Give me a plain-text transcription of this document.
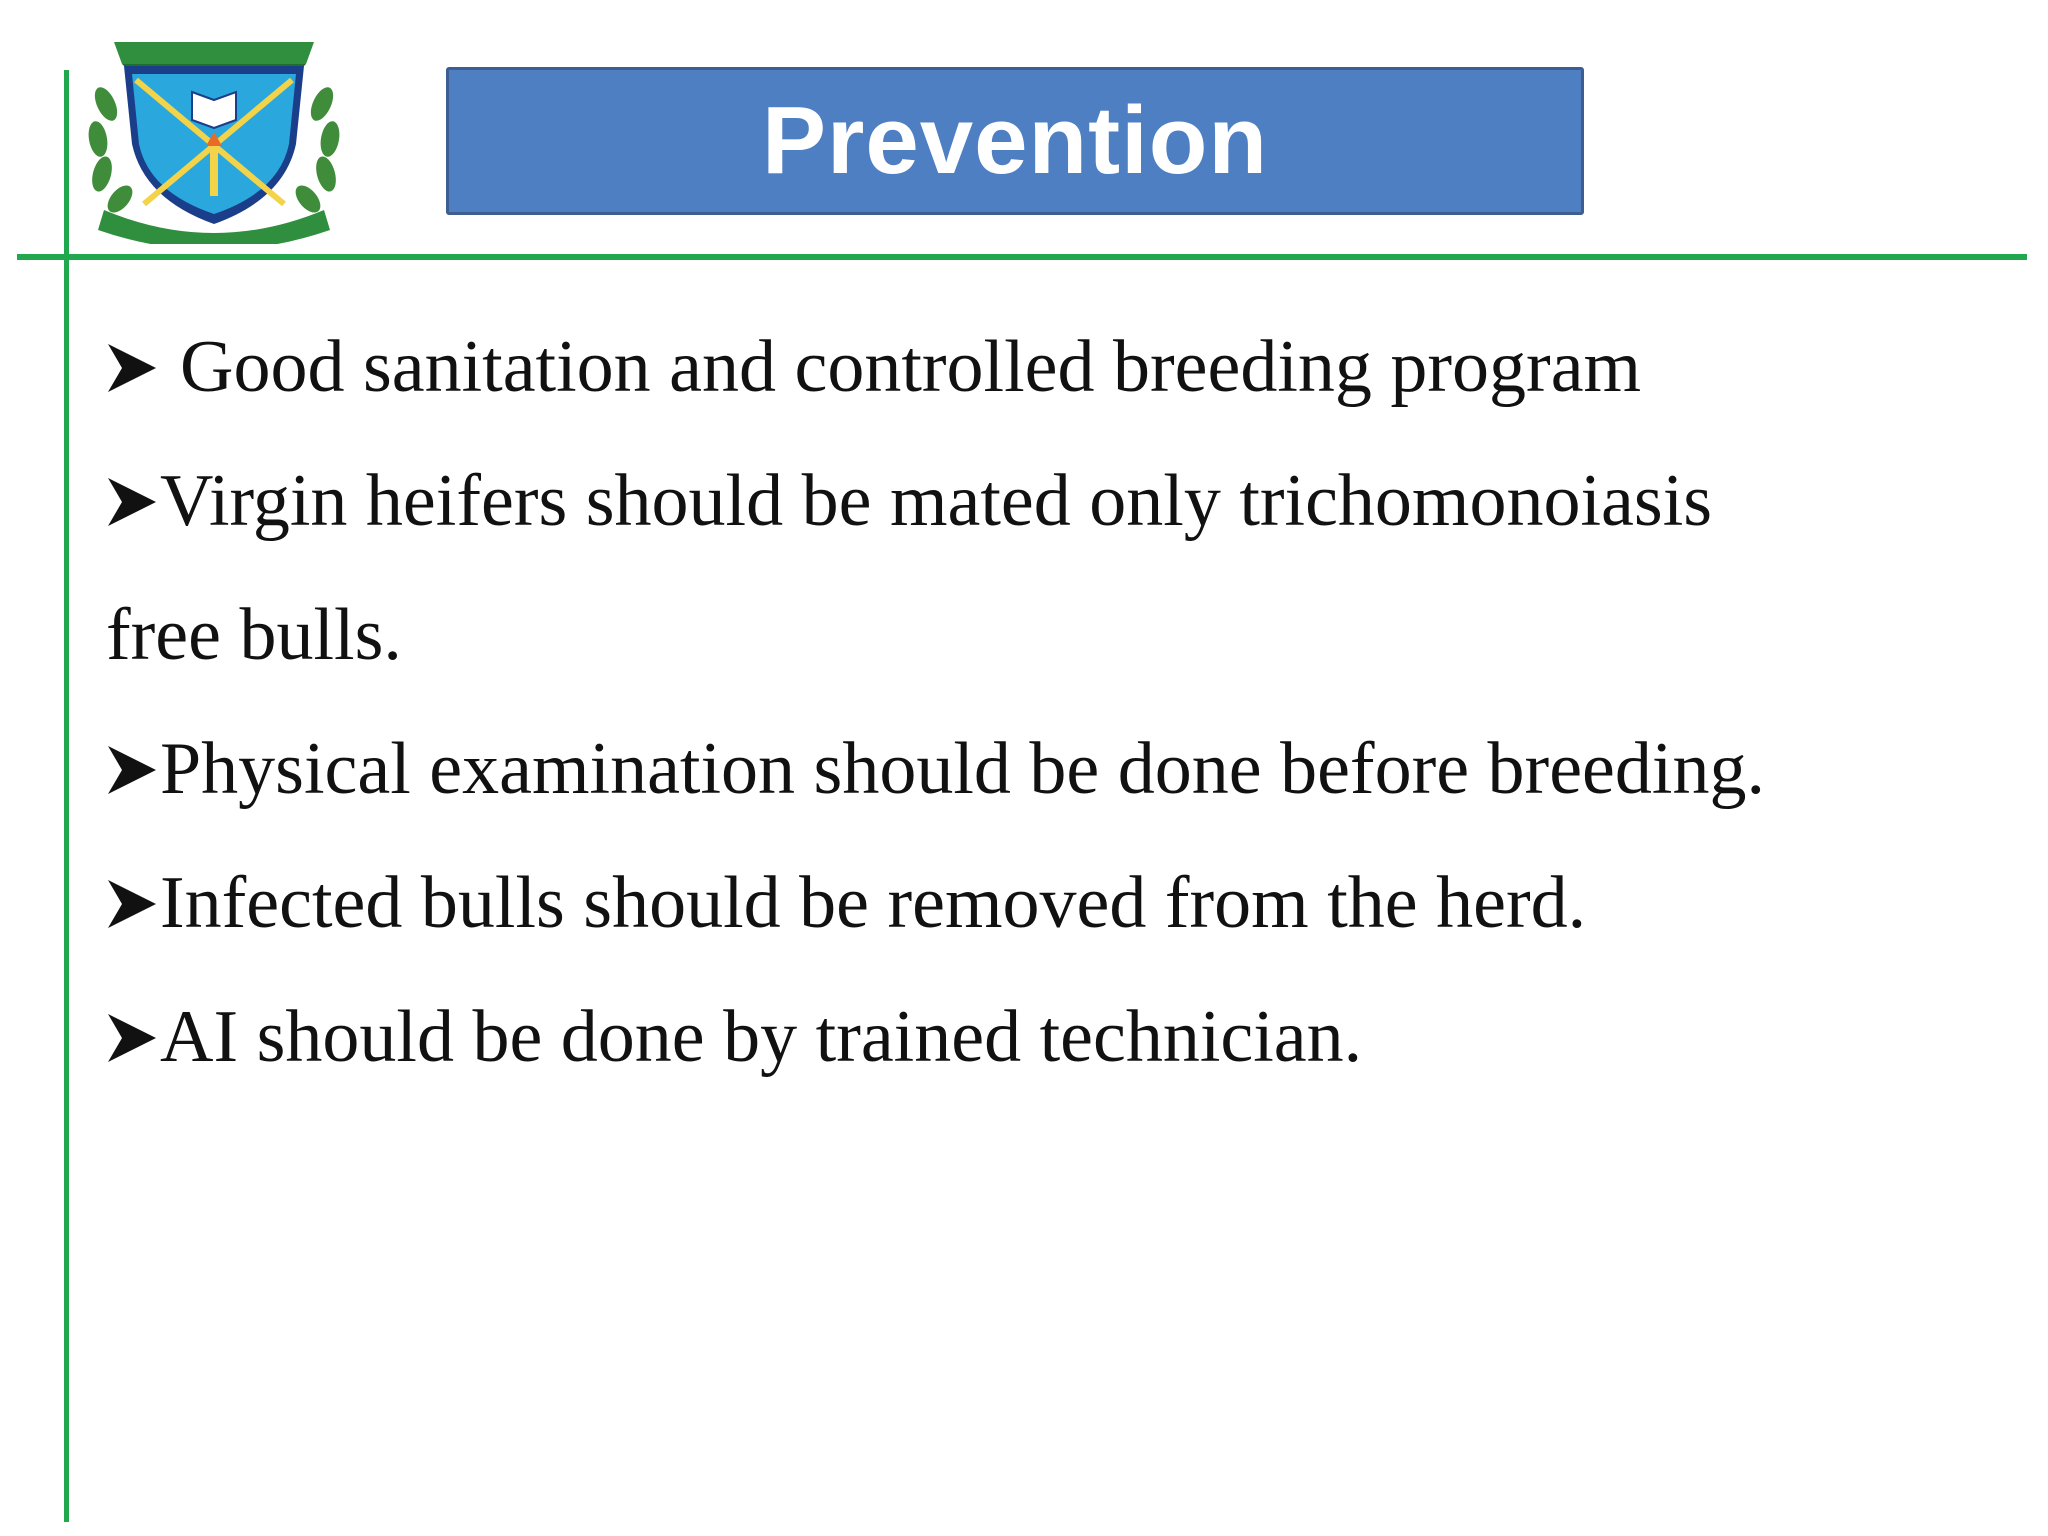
Prevention
Good sanitation and controlled breeding program
Virgin heifers should be mated only trichomonoiasis
free bulls.
Physical examination should be done before breeding.
Infected bulls should be removed from the herd.
AI should be done by trained technician.
